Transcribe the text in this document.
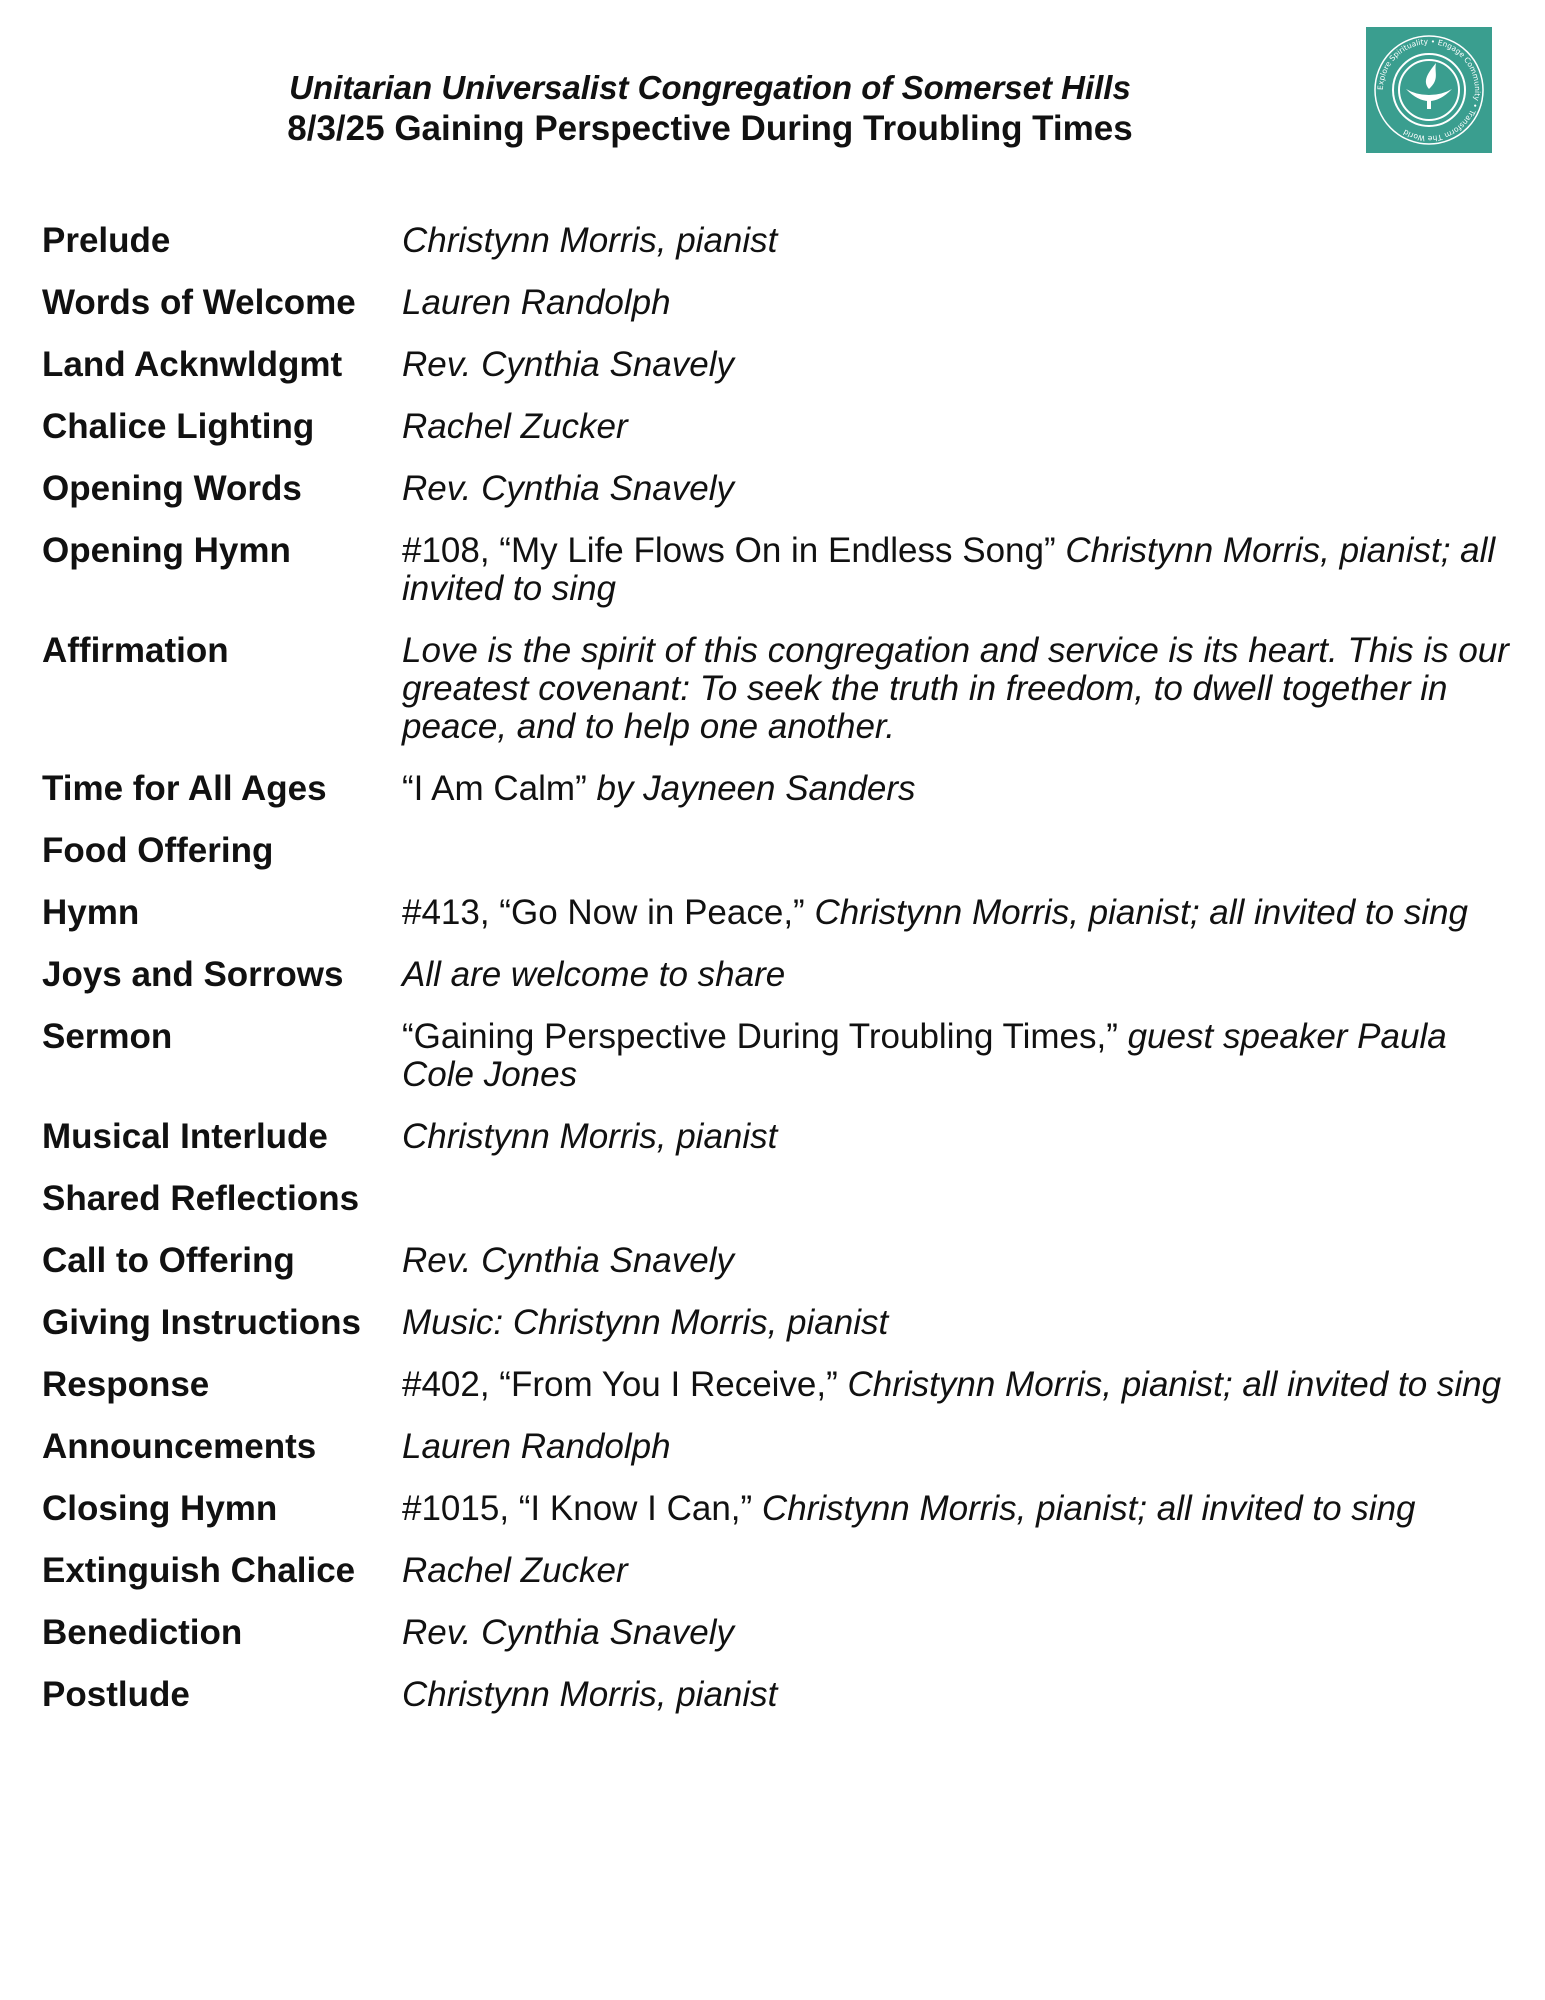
Unitarian Universalist Congregation of Somerset Hills
8/3/25 Gaining Perspective During Troubling Times
Explore Spirituality • Engage Community • Transform The World
Prelude	Christynn Morris, pianist
Words of Welcome	Lauren Randolph
Land Acknwldgmt	Rev. Cynthia Snavely
Chalice Lighting	Rachel Zucker
Opening Words	Rev. Cynthia Snavely
Opening Hymn	#108, “My Life Flows On in Endless Song” Christynn Morris, pianist; all invited to sing
Affirmation	Love is the spirit of this congregation and service is its heart. This is our greatest covenant: To seek the truth in freedom, to dwell together in peace, and to help one another.
Time for All Ages	“I Am Calm” by Jayneen Sanders
Food Offering
Hymn	#413, “Go Now in Peace,” Christynn Morris, pianist; all invited to sing
Joys and Sorrows	All are welcome to share
Sermon	“Gaining Perspective During Troubling Times,” guest speaker Paula Cole Jones
Musical Interlude	Christynn Morris, pianist
Shared Reflections
Call to Offering	Rev. Cynthia Snavely
Giving Instructions	Music: Christynn Morris, pianist
Response	#402, “From You I Receive,” Christynn Morris, pianist; all invited to sing
Announcements	Lauren Randolph
Closing Hymn	#1015, “I Know I Can,” Christynn Morris, pianist; all invited to sing
Extinguish Chalice	Rachel Zucker
Benediction	Rev. Cynthia Snavely
Postlude	Christynn Morris, pianist
